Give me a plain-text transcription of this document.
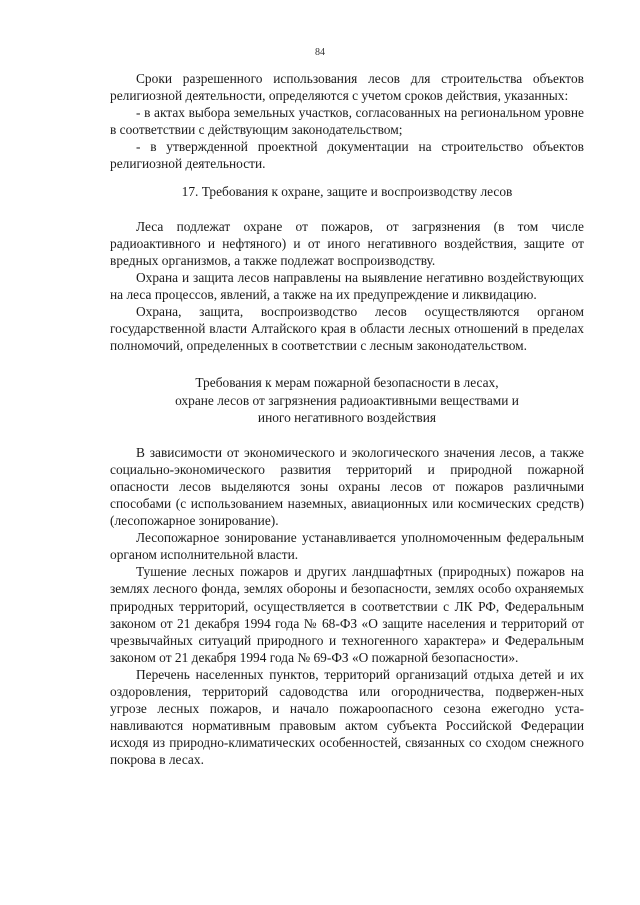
84

Сроки разрешенного использования лесов для строительства объектов религиозной деятельности, определяются с учетом сроков действия, указанных:

- в актах выбора земельных участков, согласованных на региональном уровне в соответствии с действующим законодательством;

- в утвержденной проектной документации на строительство объектов религиозной деятельности.

17. Требования к охране, защите и воспроизводству лесов

Леса подлежат охране от пожаров, от загрязнения (в том числе радиоактивного и нефтяного) и от иного негативного воздействия, защите от вредных организмов, а также подлежат воспроизводству.

Охрана и защита лесов направлены на выявление негативно воздействующих на леса процессов, явлений, а также на их предупреждение и ликвидацию.

Охрана, защита, воспроизводство лесов осуществляются органом государственной власти Алтайского края в области лесных отношений в пределах полномочий, определенных в соответствии с лесным законодательством.

Требования к мерам пожарной безопасности в лесах,
охране лесов от загрязнения радиоактивными веществами и
иного негативного воздействия

В зависимости от экономического и экологического значения лесов, а также социально-экономического развития территорий и природной пожарной опасности лесов выделяются зоны охраны лесов от пожаров различными способами (с использованием наземных, авиационных или космических средств) (лесопожарное зонирование).

Лесопожарное зонирование устанавливается уполномоченным федеральным органом исполнительной власти.

Тушение лесных пожаров и других ландшафтных (природных) пожаров на землях лесного фонда, землях обороны и безопасности, землях особо охраняемых природных территорий, осуществляется в соответствии с ЛК РФ, Федеральным законом от 21 декабря 1994 года № 68-ФЗ «О защите населения и территорий от чрезвычайных ситуаций природного и техногенного характера» и Федеральным законом от 21 декабря 1994 года № 69-ФЗ «О пожарной безопасности».

Перечень населенных пунктов, территорий организаций отдыха детей и их оздоровления, территорий садоводства или огородничества, подвержен-ных угрозе лесных пожаров, и начало пожароопасного сезона ежегодно уста-навливаются нормативным правовым актом субъекта Российской Федерации исходя из природно-климатических особенностей, связанных со сходом снежного покрова в лесах.
